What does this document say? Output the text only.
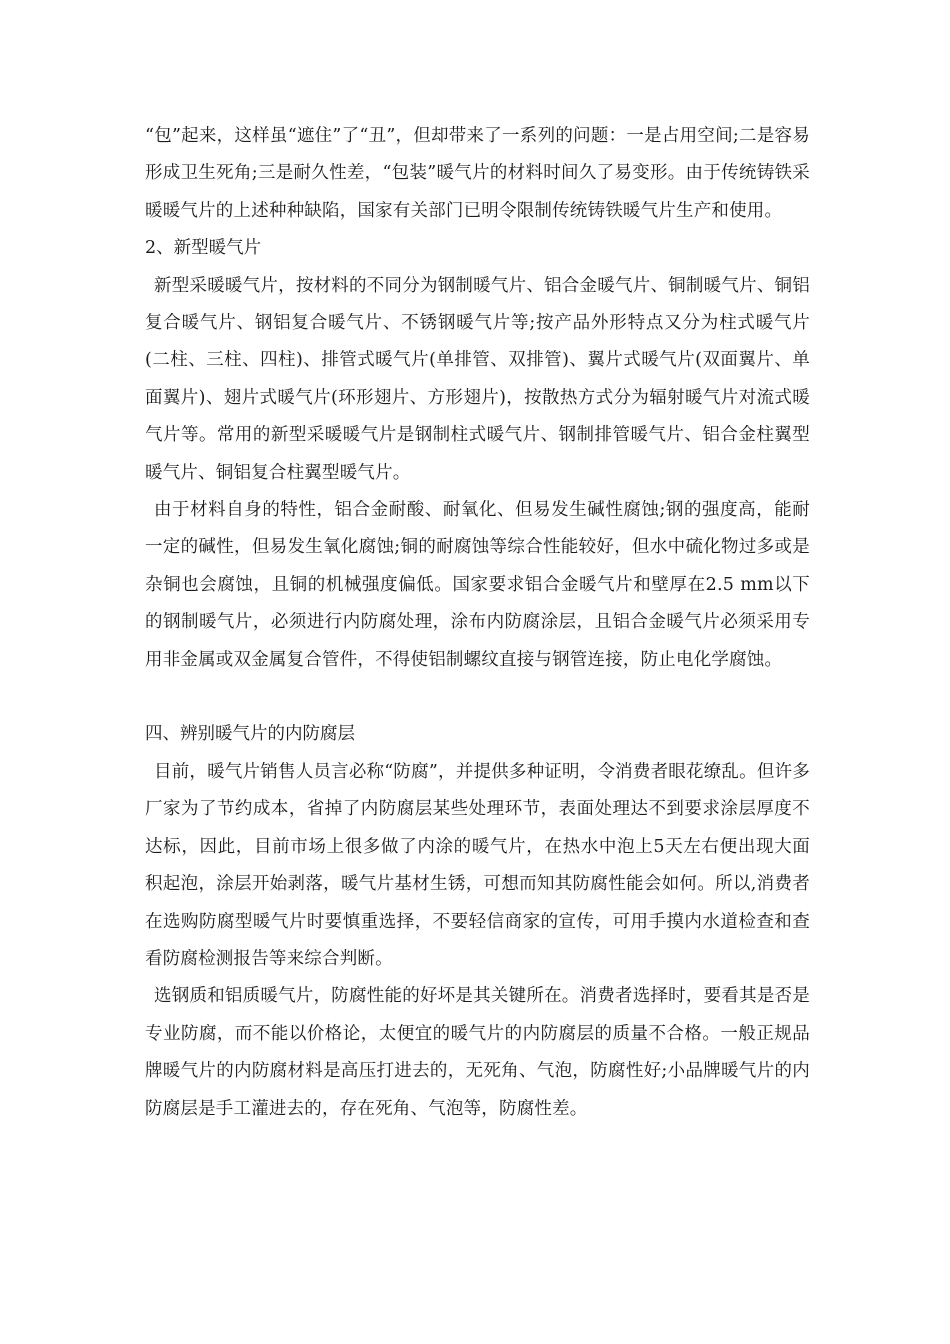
“包”起来，这样虽“遮住”了“丑”，但却带来了一系列的问题：一是占用空间;二是容易形成卫生死角;三是耐久性差，“包装”暖气片的材料时间久了易变形。由于传统铸铁采暖暖气片的上述种种缺陷，国家有关部门已明令限制传统铸铁暖气片生产和使用。

2、新型暖气片

新型采暖暖气片，按材料的不同分为钢制暖气片、铝合金暖气片、铜制暖气片、铜铝复合暖气片、钢铝复合暖气片、不锈钢暖气片等;按产品外形特点又分为柱式暖气片(二柱、三柱、四柱)、排管式暖气片(单排管、双排管)、翼片式暖气片(双面翼片、单面翼片)、翅片式暖气片(环形翅片、方形翅片)，按散热方式分为辐射暖气片对流式暖气片等。常用的新型采暖暖气片是钢制柱式暖气片、钢制排管暖气片、铝合金柱翼型暖气片、铜铝复合柱翼型暖气片。

由于材料自身的特性，铝合金耐酸、耐氧化、但易发生碱性腐蚀;钢的强度高，能耐一定的碱性，但易发生氧化腐蚀;铜的耐腐蚀等综合性能较好，但水中硫化物过多或是杂铜也会腐蚀，且铜的机械强度偏低。国家要求铝合金暖气片和壁厚在2.5 mm以下的钢制暖气片，必须进行内防腐处理，涂布内防腐涂层，且铝合金暖气片必须采用专用非金属或双金属复合管件，不得使铝制螺纹直接与钢管连接，防止电化学腐蚀。

四、辨别暖气片的内防腐层

目前，暖气片销售人员言必称“防腐”，并提供多种证明，令消费者眼花缭乱。但许多厂家为了节约成本，省掉了内防腐层某些处理环节，表面处理达不到要求涂层厚度不达标，因此，目前市场上很多做了内涂的暖气片，在热水中泡上5天左右便出现大面积起泡，涂层开始剥落，暖气片基材生锈，可想而知其防腐性能会如何。所以,消费者在选购防腐型暖气片时要慎重选择，不要轻信商家的宣传，可用手摸内水道检查和查看防腐检测报告等来综合判断。

选钢质和铝质暖气片，防腐性能的好坏是其关键所在。消费者选择时，要看其是否是专业防腐，而不能以价格论，太便宜的暖气片的内防腐层的质量不合格。一般正规品牌暖气片的内防腐材料是高压打进去的，无死角、气泡，防腐性好;小品牌暖气片的内防腐层是手工灌进去的，存在死角、气泡等，防腐性差。
